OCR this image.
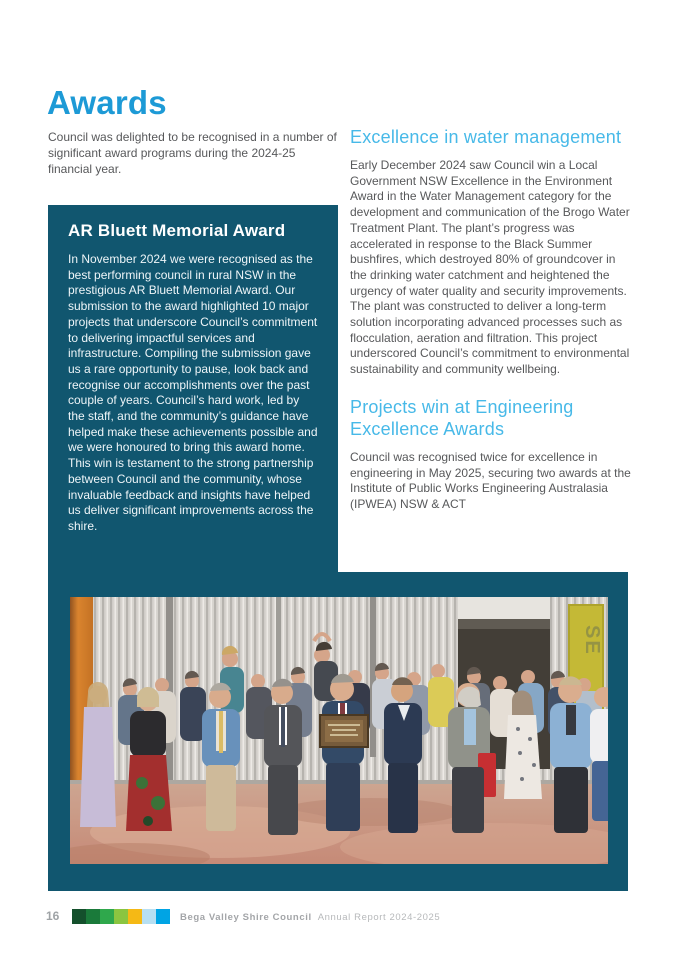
Awards
Council was delighted to be recognised in a number of significant award programs during the 2024-25 financial year.
AR Bluett Memorial Award

In November 2024 we were recognised as the best performing council in rural NSW in the prestigious AR Bluett Memorial Award. Our submission to the award highlighted 10 major projects that underscore Council’s commitment to delivering impactful services and infrastructure. Compiling the submission gave us a rare opportunity to pause, look back and recognise our accomplishments over the past couple of years. Council’s hard work, led by the staff, and the community’s guidance have helped make these achievements possible and we were honoured to bring this award home. This win is testament to the strong partnership between Council and the community, whose invaluable feedback and insights have helped us deliver significant improvements across the shire.

Excellence in water management

Early December 2024 saw Council win a Local Government NSW Excellence in the Environment Award in the Water Management category for the development and communication of the Brogo Water Treatment Plant. The plant’s progress was accelerated in response to the Black Summer bushfires, which destroyed 80% of groundcover in the drinking water catchment and heightened the urgency of water quality and security improvements. The plant was constructed to deliver a long-term solution incorporating advanced processes such as flocculation, aeration and filtration. This project underscored Council’s commitment to environmental sustainability and community wellbeing.

Projects win at Engineering Excellence Awards

Council was recognised twice for excellence in engineering in May 2025, securing two awards at the Institute of Public Works Engineering Australasia (IPWEA) NSW & ACT

SE
16
	Bega Valley Shire Council Annual Report 2024-2025
